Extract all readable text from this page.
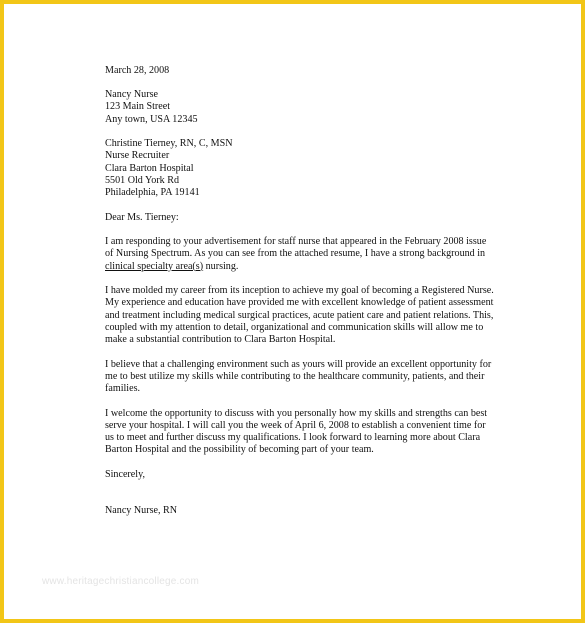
March 28, 2008
Nancy Nurse
123 Main Street
Any town, USA 12345
Christine Tierney, RN, C, MSN
Nurse Recruiter
Clara Barton Hospital
5501 Old York Rd
Philadelphia, PA 19141
Dear Ms. Tierney:

I am responding to your advertisement for staff nurse that appeared in the February 2008 issue of Nursing Spectrum. As you can see from the attached resume, I have a strong background in clinical specialty area(s) nursing.

I have molded my career from its inception to achieve my goal of becoming a Registered Nurse. My experience and education have provided me with excellent knowledge of patient assessment and treatment including medical surgical practices, acute patient care and patient relations. This, coupled with my attention to detail, organizational and communication skills will allow me to make a substantial contribution to Clara Barton Hospital.

I believe that a challenging environment such as yours will provide an excellent opportunity for me to best utilize my skills while contributing to the healthcare community, patients, and their families.

I welcome the opportunity to discuss with you personally how my skills and strengths can best serve your hospital. I will call you the week of April 6, 2008 to establish a convenient time for us to meet and further discuss my qualifications. I look forward to learning more about Clara Barton Hospital and the possibility of becoming part of your team.

Sincerely,
Nancy Nurse, RN
www.heritagechristiancollege.com
